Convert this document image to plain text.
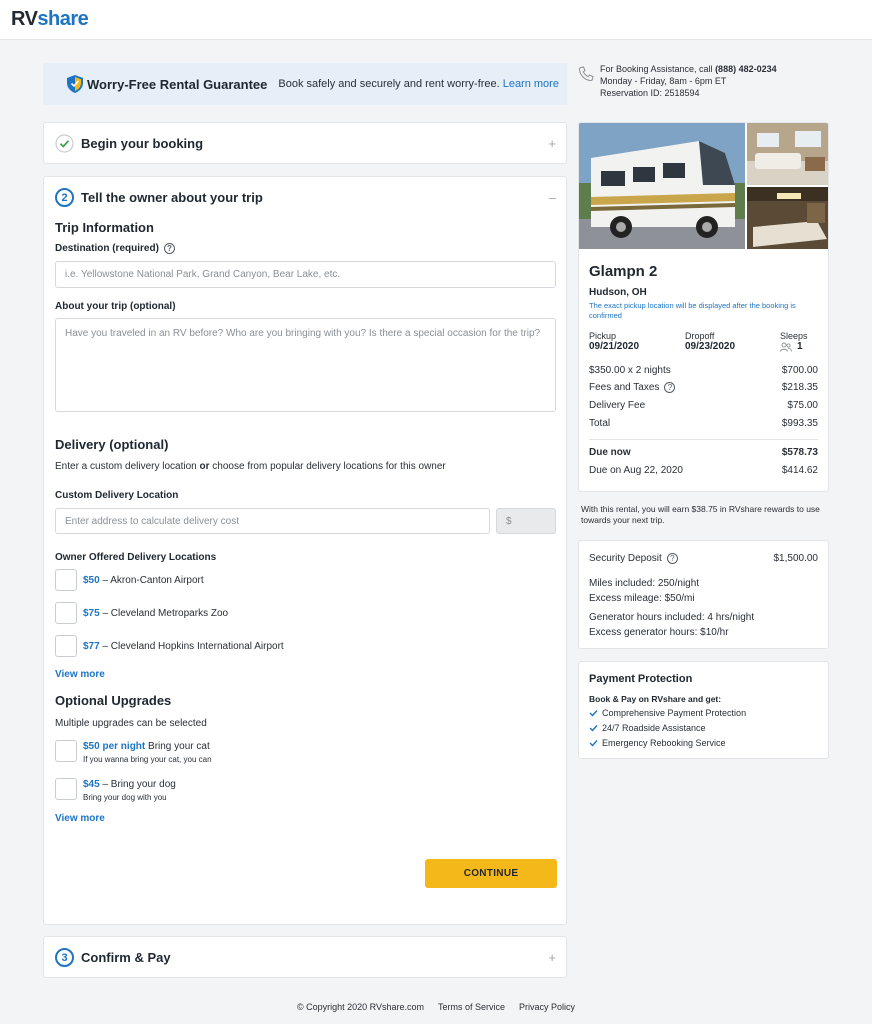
RVshare
Worry-Free Rental Guarantee Book safely and securely and rent worry-free. Learn more
For Booking Assistance, call (888) 482-0234
Monday - Friday, 8am - 6pm ET
Reservation ID: 2518594
Begin your booking	+
2	Tell the owner about your trip	–
Trip Information
Destination (required) ?
i.e. Yellowstone National Park, Grand Canyon, Bear Lake, etc.
About your trip (optional)
Have you traveled in an RV before? Who are you bringing with you? Is there a special occasion for the trip?
Delivery (optional)
Enter a custom delivery location or choose from popular delivery locations for this owner
Custom Delivery Location
Enter address to calculate delivery cost	$
Owner Offered Delivery Locations
$50 – Akron-Canton Airport
$75 – Cleveland Metroparks Zoo
$77 – Cleveland Hopkins International Airport
View more
Optional Upgrades
Multiple upgrades can be selected
$50 per night Bring your cat
If you wanna bring your cat, you can
$45 – Bring your dog
Bring your dog with you
View more
CONTINUE
3	Confirm & Pay	+
Glampn 2
Hudson, OH
The exact pickup location will be displayed after the booking is confirmed
Pickup
09/21/2020
Dropoff
09/23/2020
Sleeps
1
$350.00 x 2 nights	$700.00
Fees and Taxes ?	$218.35
Delivery Fee	$75.00
Total	$993.35
Due now	$578.73
Due on Aug 22, 2020	$414.62
With this rental, you will earn $38.75 in RVshare rewards to use towards your next trip.
Security Deposit ?	$1,500.00
Miles included: 250/night
Excess mileage: $50/mi
Generator hours included: 4 hrs/night
Excess generator hours: $10/hr
Payment Protection
Book & Pay on RVshare and get:
Comprehensive Payment Protection
24/7 Roadside Assistance
Emergency Rebooking Service
© Copyright 2020 RVshare.com Terms of Service Privacy Policy
